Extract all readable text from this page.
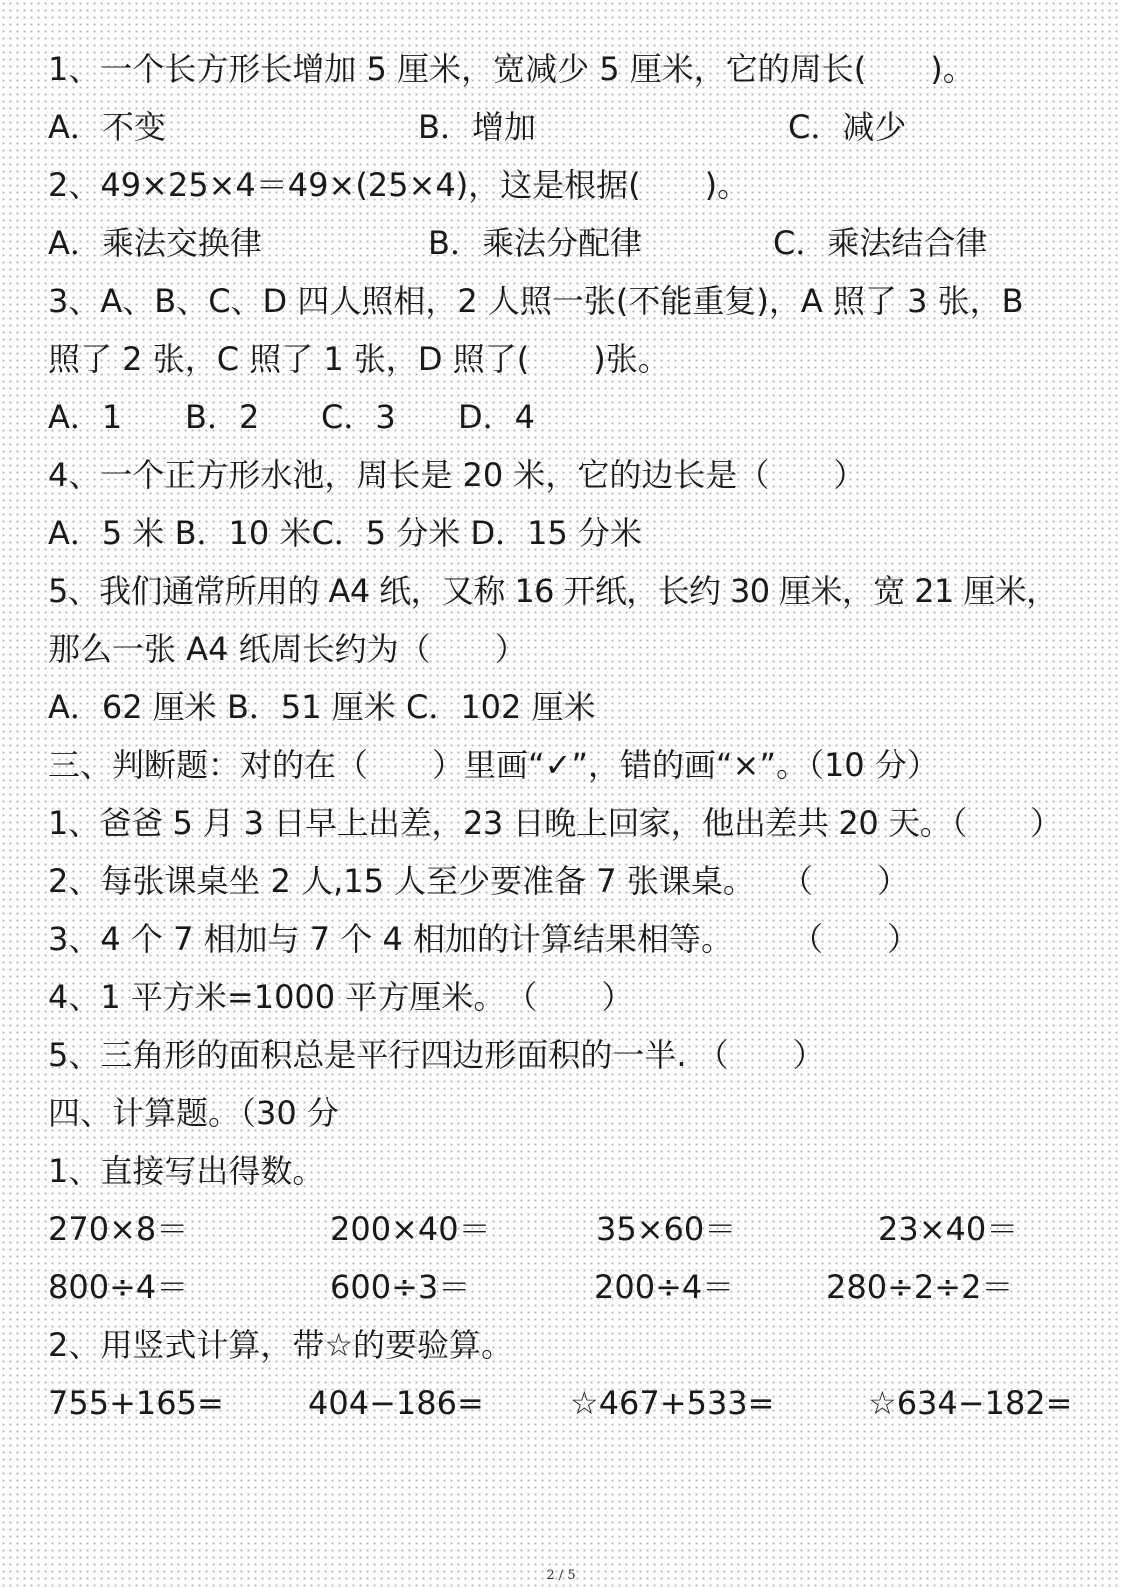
1、一个长方形长增加 5 厘米，宽减少 5 厘米，它的周长(　　)。
A．不变	B．增加	C．减少
2、49×25×4＝49×(25×4)，这是根据(　　)。
A．乘法交换律	B．乘法分配律	C．乘法结合律
3、A、B、C、D 四人照相，2 人照一张(不能重复)，A 照了 3 张，B
照了 2 张，C 照了 1 张，D 照了(　　)张。
A．1 B．2 C．3 D．4
4、一个正方形水池，周长是 20 米，它的边长是（　　）
A．5 米 B．10 米C．5 分米 D．15 分米
5、我们通常所用的 A4 纸，又称 16 开纸，长约 30 厘米，宽 21 厘米，
那么一张 A4 纸周长约为（　　）
A．62 厘米 B．51 厘米 C．102 厘米
三、判断题：对的在（　　）里画“✓”，错的画“×”。（10 分）
1、爸爸 5 月 3 日早上出差，23 日晚上回家，他出差共 20 天。（　　）
2、每张课桌坐 2 人,15 人至少要准备 7 张课桌。　 （　　）
3、4 个 7 相加与 7 个 4 相加的计算结果相等。　　 （　　）
4、1 平方米=1000 平方厘米。　（　　）
5、三角形的面积总是平行四边形面积的一半. （　　）
四、计算题。（30 分
1、直接写出得数。
270×8＝	200×40＝	35×60＝	23×40＝
800÷4＝	600÷3＝	200÷4＝	280÷2÷2＝
2、用竖式计算，带☆的要验算。
755+165=	404−186=	☆467+533=	☆634−182=
2 / 5
